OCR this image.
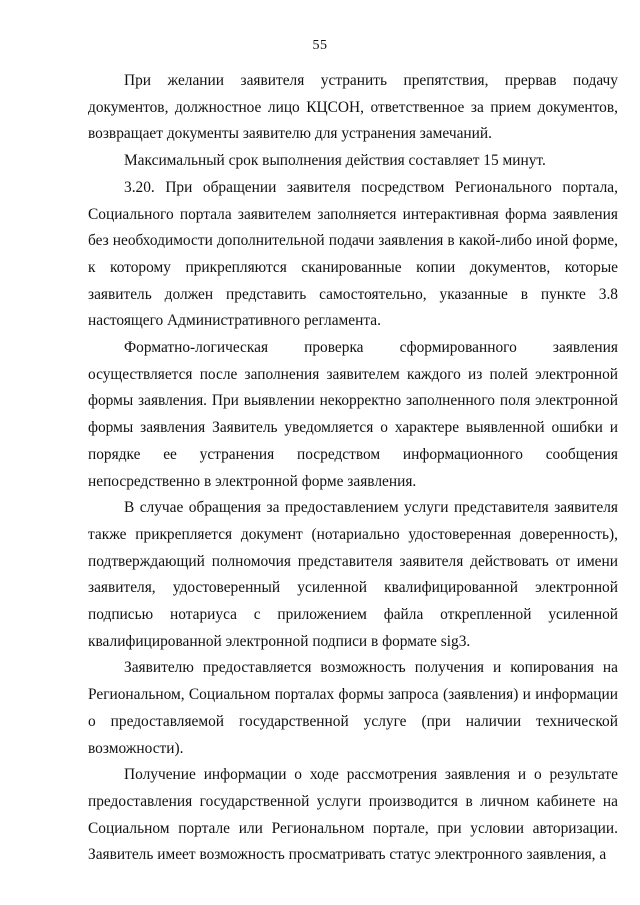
55

При желании заявителя устранить препятствия, прервав подачу документов, должностное лицо КЦСОН, ответственное за прием документов, возвращает документы заявителю для устранения замечаний.

Максимальный срок выполнения действия составляет 15 минут.

3.20. При обращении заявителя посредством Регионального портала, Социального портала заявителем заполняется интерактивная форма заявления без необходимости дополнительной подачи заявления в какой-либо иной форме, к которому прикрепляются сканированные копии документов, которые заявитель должен представить самостоятельно, указанные в пункте 3.8 настоящего Административного регламента.

Форматно-логическая проверка сформированного заявления осуществляется после заполнения заявителем каждого из полей электронной формы заявления. При выявлении некорректно заполненного поля электронной формы заявления Заявитель уведомляется о характере выявленной ошибки и порядке ее устранения посредством информационного сообщения непосредственно в электронной форме заявления.

В случае обращения за предоставлением услуги представителя заявителя также прикрепляется документ (нотариально удостоверенная доверенность), подтверждающий полномочия представителя заявителя действовать от имени заявителя, удостоверенный усиленной квалифицированной электронной подписью нотариуса с приложением файла открепленной усиленной квалифицированной электронной подписи в формате sig3.

Заявителю предоставляется возможность получения и копирования на Региональном, Социальном порталах формы запроса (заявления) и информации о предоставляемой государственной услуге (при наличии технической возможности).

Получение информации о ходе рассмотрения заявления и о результате предоставления государственной услуги производится в личном кабинете на Социальном портале или Региональном портале, при условии авторизации. Заявитель имеет возможность просматривать статус электронного заявления, а
